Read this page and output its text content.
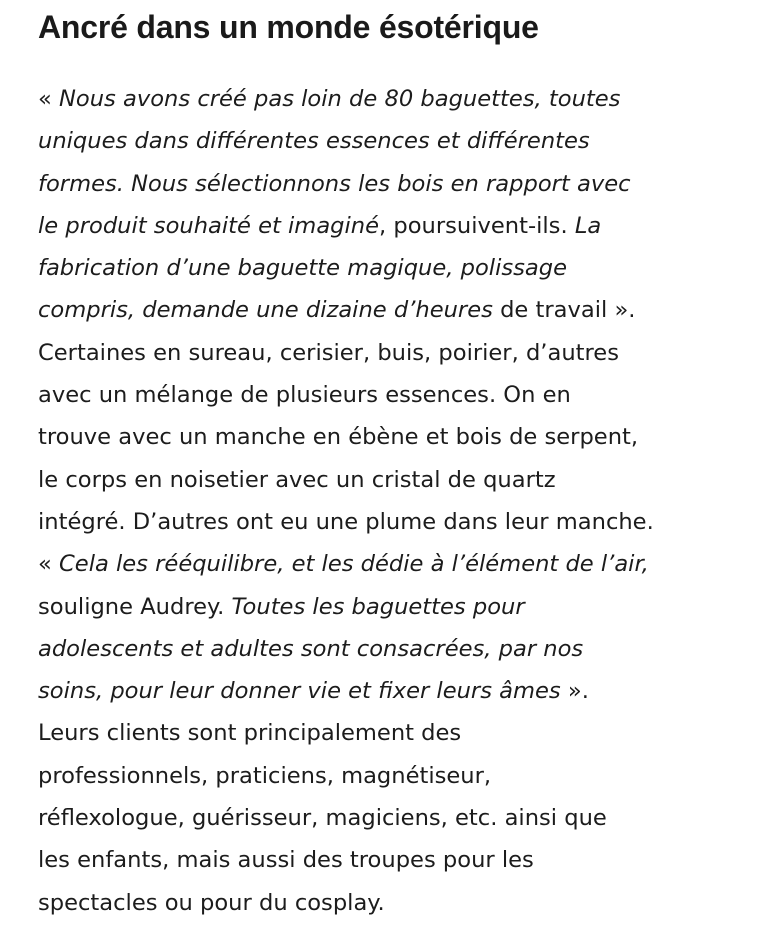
Ancré dans un monde ésotérique
« Nous avons créé pas loin de 80 baguettes, toutes
uniques dans différentes essences et différentes
formes. Nous sélectionnons les bois en rapport avec
le produit souhaité et imaginé, poursuivent-ils. La
fabrication d’une baguette magique, polissage
compris, demande une dizaine d’heures de travail ».
Certaines en sureau, cerisier, buis, poirier, d’autres
avec un mélange de plusieurs essences. On en
trouve avec un manche en ébène et bois de serpent,
le corps en noisetier avec un cristal de quartz
intégré. D’autres ont eu une plume dans leur manche.
« Cela les rééquilibre, et les dédie à l’élément de l’air,
souligne Audrey. Toutes les baguettes pour
adolescents et adultes sont consacrées, par nos
soins, pour leur donner vie et fixer leurs âmes ».
Leurs clients sont principalement des
professionnels, praticiens, magnétiseur,
réflexologue, guérisseur, magiciens, etc. ainsi que
les enfants, mais aussi des troupes pour les
spectacles ou pour du cosplay.
